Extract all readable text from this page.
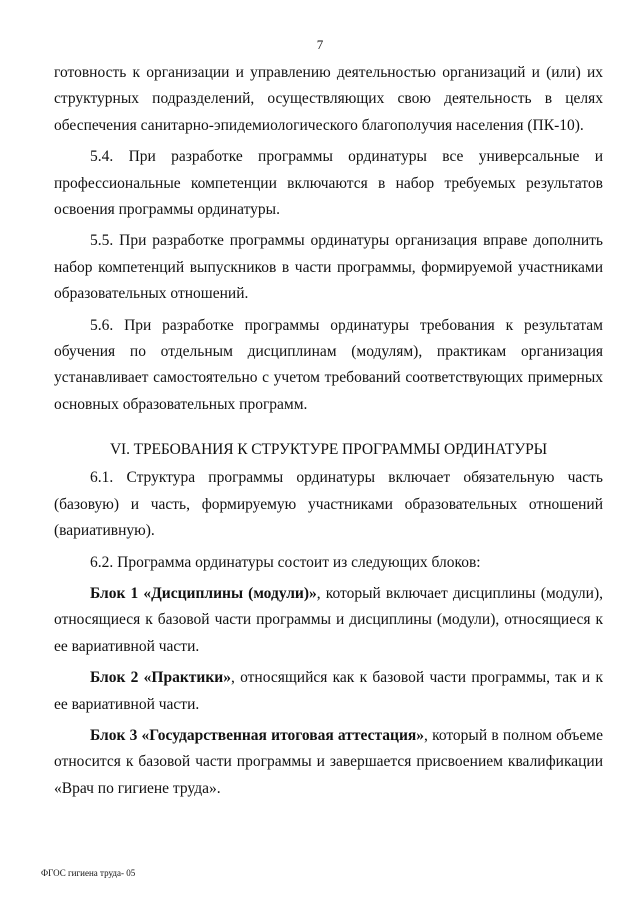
7

готовность к организации и управлению деятельностью организаций и (или) их структурных подразделений, осуществляющих свою деятельность в целях обеспечения санитарно-эпидемиологического благополучия населения (ПК-10).

5.4. При разработке программы ординатуры все универсальные и профессиональные компетенции включаются в набор требуемых результатов освоения программы ординатуры.

5.5. При разработке программы ординатуры организация вправе дополнить набор компетенций выпускников в части программы, формируемой участниками образовательных отношений.

5.6. При разработке программы ординатуры требования к результатам обучения по отдельным дисциплинам (модулям), практикам организация устанавливает самостоятельно с учетом требований соответствующих примерных основных образовательных программ.

VI. ТРЕБОВАНИЯ К СТРУКТУРЕ ПРОГРАММЫ ОРДИНАТУРЫ

6.1. Структура программы ординатуры включает обязательную часть (базовую) и часть, формируемую участниками образовательных отношений (вариативную).

6.2. Программа ординатуры состоит из следующих блоков:

Блок 1 «Дисциплины (модули)», который включает дисциплины (модули), относящиеся к базовой части программы и дисциплины (модули), относящиеся к ее вариативной части.

Блок 2 «Практики», относящийся как к базовой части программы, так и к ее вариативной части.

Блок 3 «Государственная итоговая аттестация», который в полном объеме относится к базовой части программы и завершается присвоением квалификации «Врач по гигиене труда».

ФГОС гигиена труда- 05
